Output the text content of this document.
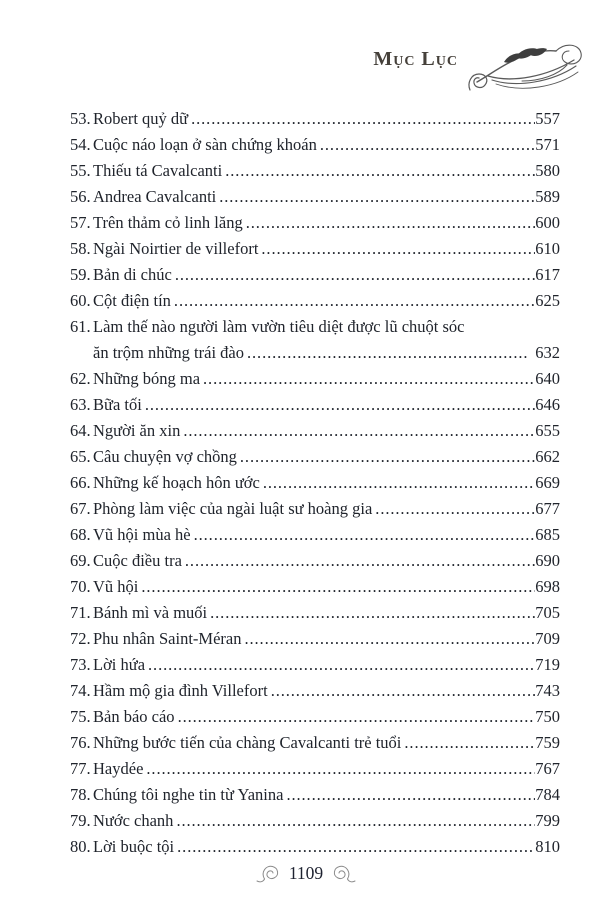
Mục Lục
53. Robert quỷ dữ .....	557
54. Cuộc náo loạn ở sàn chứng khoán .....	571
55. Thiếu tá Cavalcanti .....	580
56. Andrea Cavalcanti .....	589
57. Trên thảm cỏ linh lăng .....	600
58. Ngài Noirtier de villefort .....	610
59. Bản di chúc .....	617
60. Cột điện tín .....	625
61. Làm thế nào người làm vườn tiêu diệt được lũ chuột sóc
ăn trộm những trái đào .....	632
62. Những bóng ma .....	640
63. Bữa tối .....	646
64. Người ăn xin .....	655
65. Câu chuyện vợ chồng .....	662
66. Những kế hoạch hôn ước .....	669
67. Phòng làm việc của ngài luật sư hoàng gia .....	677
68. Vũ hội mùa hè .....	685
69. Cuộc điều tra .....	690
70. Vũ hội .....	698
71. Bánh mì và muối .....	705
72. Phu nhân Saint-Méran .....	709
73. Lời hứa .....	719
74. Hầm mộ gia đình Villefort .....	743
75. Bản báo cáo .....	750
76. Những bước tiến của chàng Cavalcanti trẻ tuổi .....	759
77. Haydée .....	767
78. Chúng tôi nghe tin từ Yanina .....	784
79. Nước chanh .....	799
80. Lời buộc tội .....	810
1109
